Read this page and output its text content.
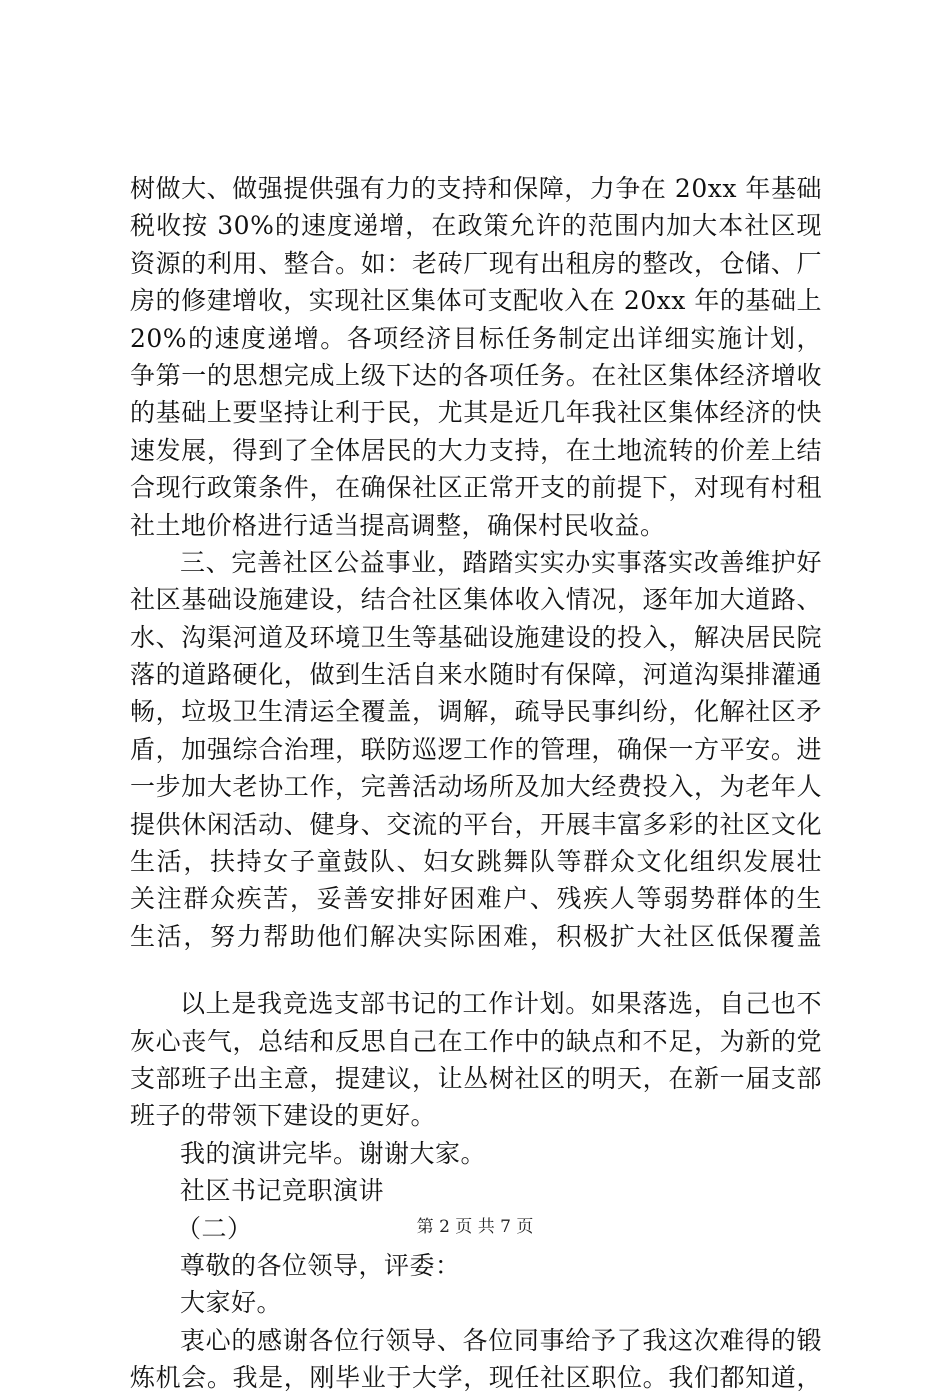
树做大、做强提供强有力的支持和保障，力争在 20xx 年基础
税收按 30%的速度递增，在政策允许的范围内加大本社区现
资源的利用、整合。如：老砖厂现有出租房的整改，仓储、厂
房的修建增收，实现社区集体可支配收入在 20xx 年的基础上
20%的速度递增。各项经济目标任务制定出详细实施计划，
争第一的思想完成上级下达的各项任务。在社区集体经济增收
的基础上要坚持让利于民，尤其是近几年我社区集体经济的快
速发展，得到了全体居民的大力支持，在土地流转的价差上结
合现行政策条件，在确保社区正常开支的前提下，对现有村租
社土地价格进行适当提高调整，确保村民收益。
三、完善社区公益事业，踏踏实实办实事落实改善维护好
社区基础设施建设，结合社区集体收入情况，逐年加大道路、
水、沟渠河道及环境卫生等基础设施建设的投入，解决居民院
落的道路硬化，做到生活自来水随时有保障，河道沟渠排灌通
畅，垃圾卫生清运全覆盖，调解，疏导民事纠纷，化解社区矛
盾，加强综合治理，联防巡逻工作的管理，确保一方平安。进
一步加大老协工作，完善活动场所及加大经费投入，为老年人
提供休闲活动、健身、交流的平台，开展丰富多彩的社区文化
生活，扶持女子童鼓队、妇女跳舞队等群众文化组织发展壮
关注群众疾苦，妥善安排好困难户、残疾人等弱势群体的生
生活，努力帮助他们解决实际困难，积极扩大社区低保覆盖
以上是我竞选支部书记的工作计划。如果落选，自己也不
灰心丧气，总结和反思自己在工作中的缺点和不足，为新的党
支部班子出主意，提建议，让丛树社区的明天，在新一届支部
班子的带领下建设的更好。
我的演讲完毕。谢谢大家。
社区书记竞职演讲
（二）
尊敬的各位领导，评委：
大家好。
衷心的感谢各位行领导、各位同事给予了我这次难得的锻
炼机会。我是，刚毕业于大学，现任社区职位。我们都知道，
第 2 页 共 7 页
